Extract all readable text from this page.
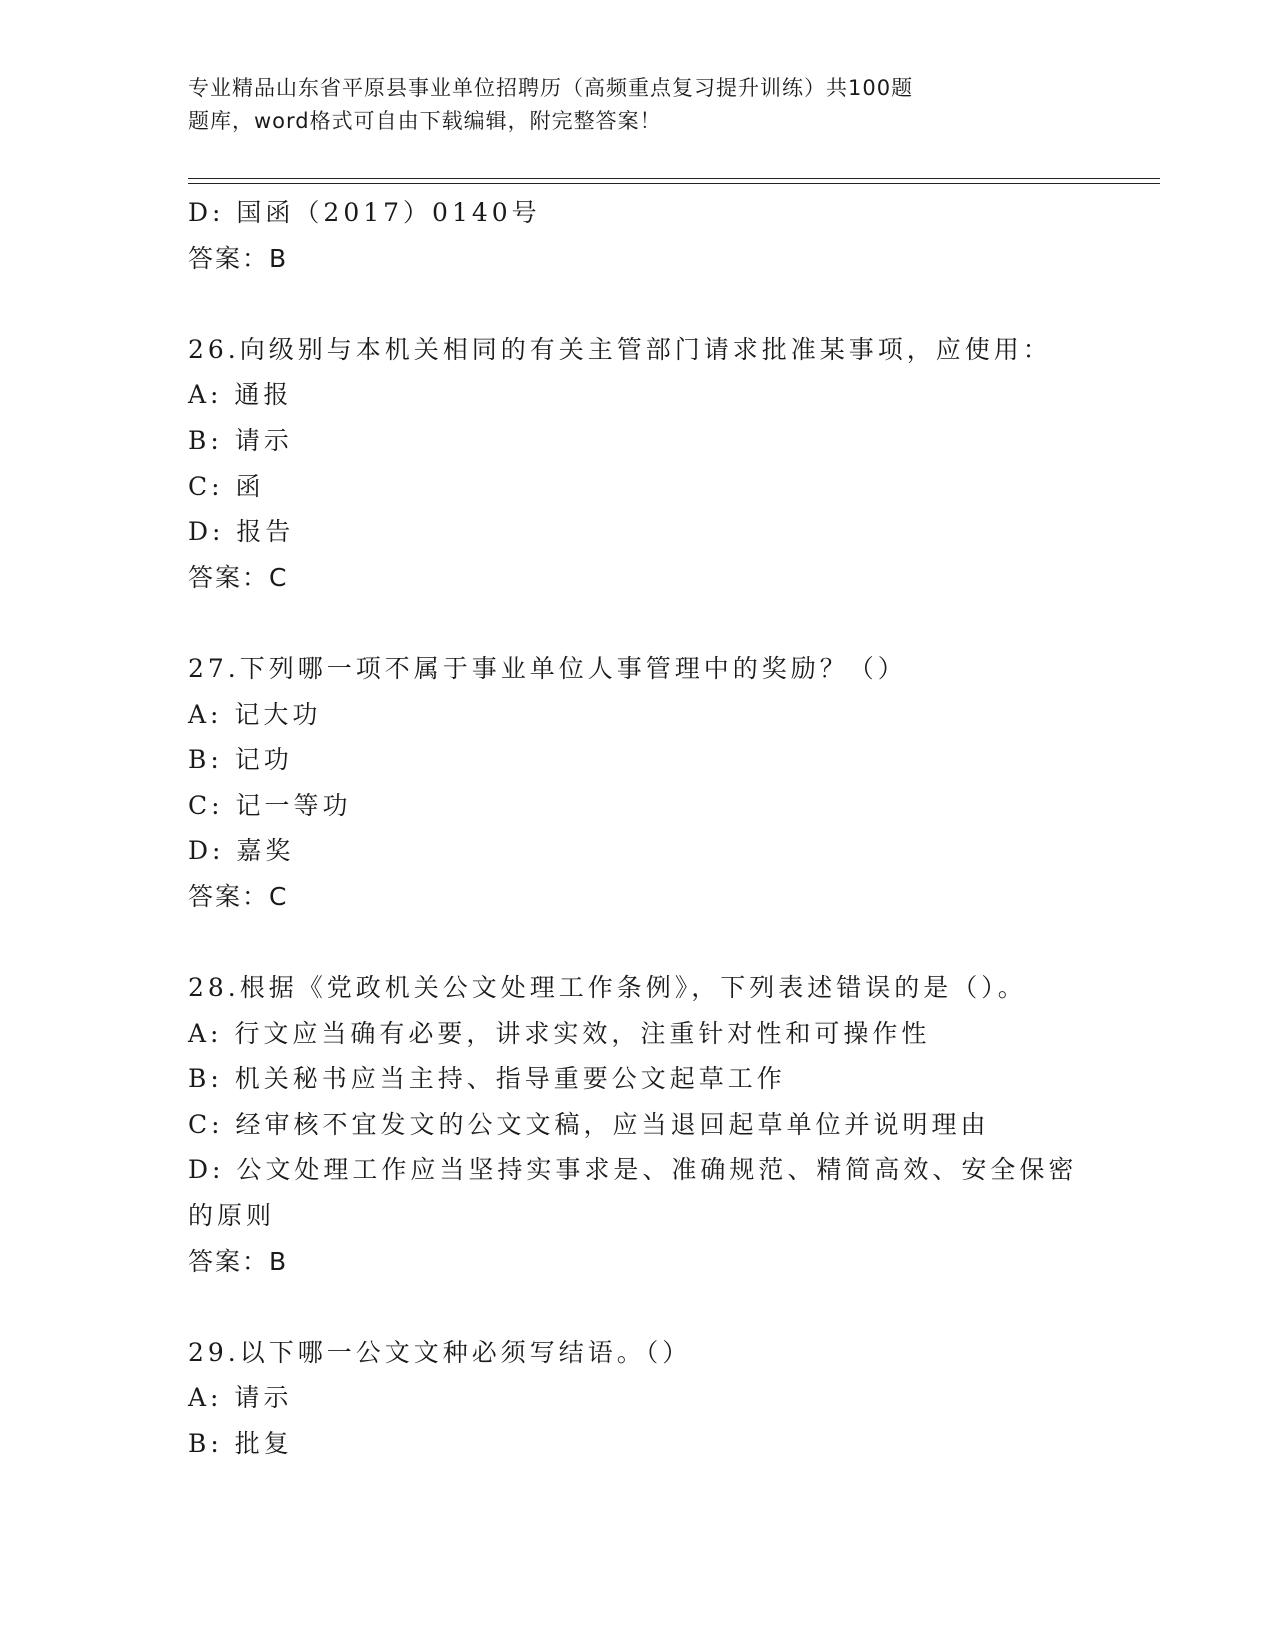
专业精品山东省平原县事业单位招聘历（高频重点复习提升训练）共100题
题库，word格式可自由下载编辑，附完整答案！
D: 国函（2017）0140号
答案：B
26.向级别与本机关相同的有关主管部门请求批准某事项，应使用：
A: 通报
B: 请示
C: 函
D: 报告
答案：C
27.下列哪一项不属于事业单位人事管理中的奖励？（）
A: 记大功
B: 记功
C: 记一等功
D: 嘉奖
答案：C
28.根据《党政机关公文处理工作条例》，下列表述错误的是（）。
A: 行文应当确有必要，讲求实效，注重针对性和可操作性
B: 机关秘书应当主持、指导重要公文起草工作
C: 经审核不宜发文的公文文稿，应当退回起草单位并说明理由
D: 公文处理工作应当坚持实事求是、准确规范、精简高效、安全保密
的原则
答案：B
29.以下哪一公文文种必须写结语。（）
A: 请示
B: 批复
